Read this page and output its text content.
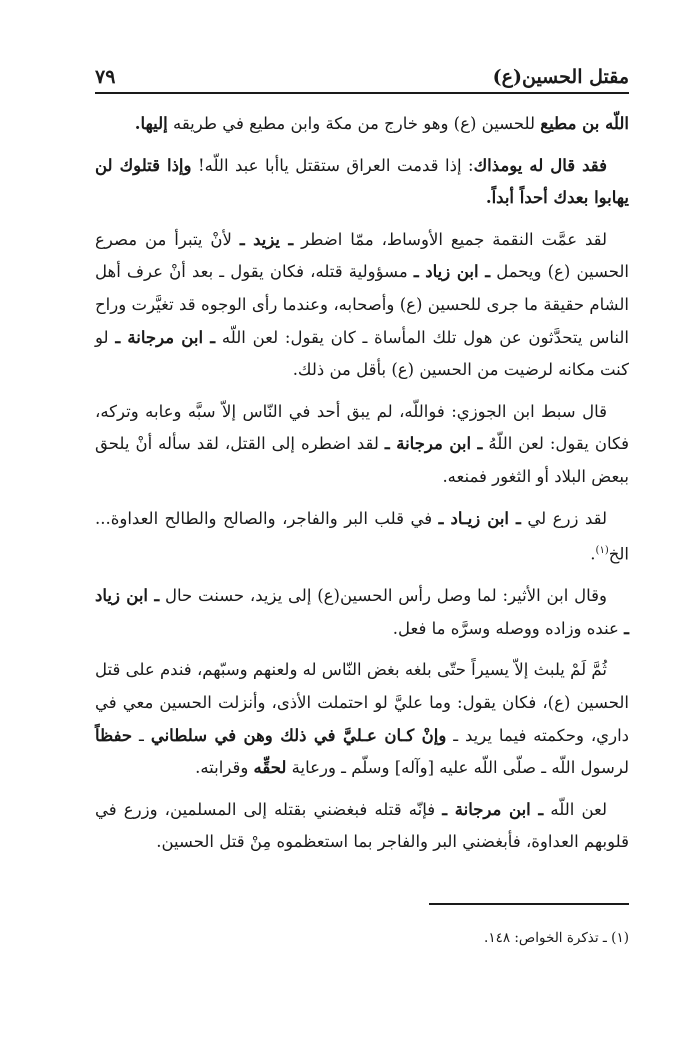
مقتل الحسين(ع)
٧٩

اللّه بن مطيع للحسين (ع) وهو خارج من مكة وابن مطيع في طريقه إليها.

فقد قال له يومذاك: إذا قدمت العراق ستقتل ياأبا عبد اللّه! وإذا قتلوك لن يهابوا بعدك أحداً أبداً.

لقد عمَّت النقمة جميع الأوساط، ممّا اضطر ـ يزيد ـ لأنْ يتبرأ من مصرع الحسين (ع) ويحمل ـ ابن زياد ـ مسؤولية قتله، فكان يقول ـ بعد أنْ عرف أهل الشام حقيقة ما جرى للحسين (ع) وأصحابه، وعندما رأى الوجوه قد تغيَّرت وراح الناس يتحدَّثون عن هول تلك المأساة ـ كان يقول: لعن اللّه ـ ابن مرجانة ـ لو كنت مكانه لرضيت من الحسين (ع) بأقل من ذلك.

قال سبط ابن الجوزي: فواللّه، لم يبق أحد في النّاس إلاّ سبَّه وعابه وتركه، فكان يقول: لعن اللّهُ ـ ابن مرجانة ـ لقد اضطره إلى القتل، لقد سأله أنْ يلحق ببعض البلاد أو الثغور فمنعه.

لقد زرع لي ـ ابن زيـاد ـ في قلب البر والفاجر، والصالح والطالح العداوة... الخ$^{(١)}$.

وقال ابن الأثير: لما وصل رأس الحسين(ع) إلى يزيد، حسنت حال ـ ابن زياد ـ عنده وزاده ووصله وسرَّه ما فعل.

ثُمَّ لَمْ يلبث إلاّ يسيراً حتّى بلغه بغض النّاس له ولعنهم وسبّهم، فندم على قتل الحسين (ع)، فكان يقول: وما عليَّ لو احتملت الأذى، وأنزلت الحسين معي في داري، وحكمته فيما يريد ـ وإنْ كـان عـليَّ في ذلك وهن في سلطاني ـ حفظاً لرسول اللّه ـ صلّى اللّه عليه [وآله] وسلّم ـ ورعاية لحقِّه وقرابته.

لعن اللّه ـ ابن مرجانة ـ فإنّه قتله فبغضني بقتله إلى المسلمين، وزرع في قلوبهم العداوة، فأبغضني البر والفاجر بما استعظموه مِنْ قتل الحسين.

(١) ـ تذكرة الخواص: ١٤٨.
